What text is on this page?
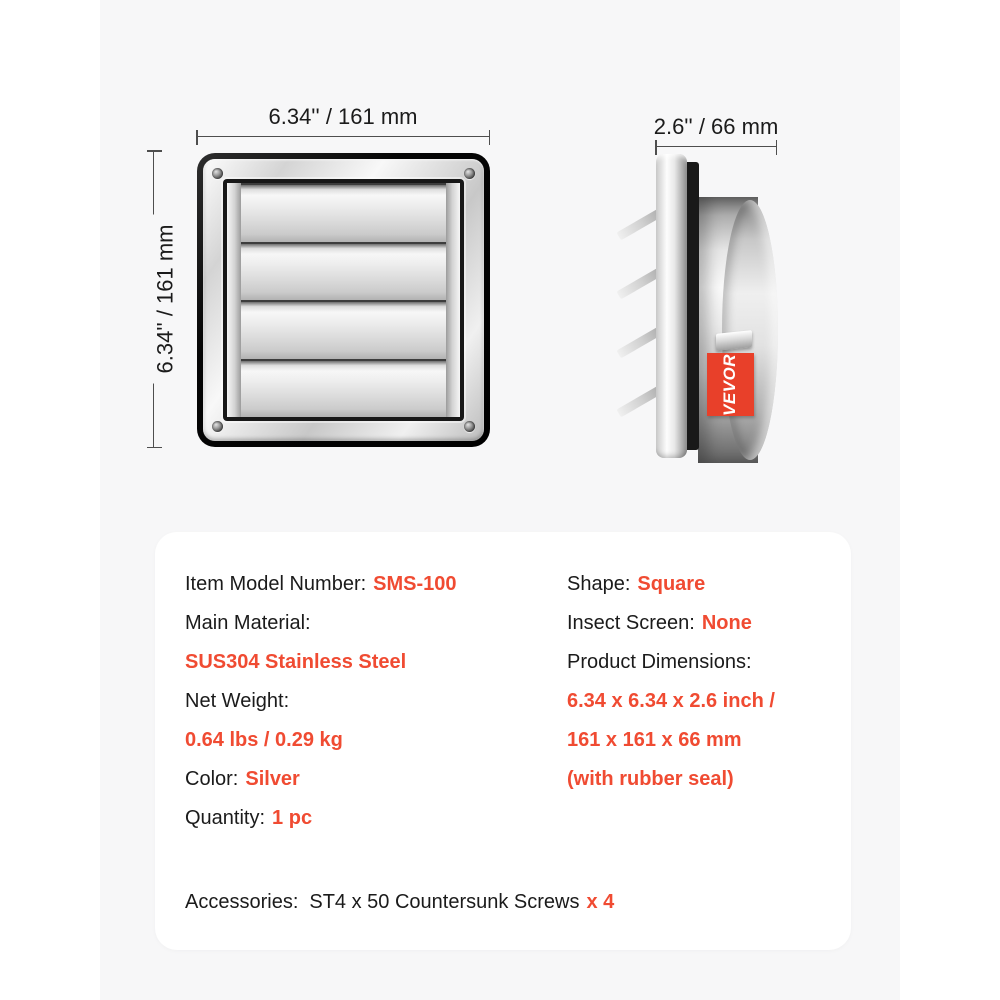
6.34'' / 161 mm
6.34'' / 161 mm
2.6'' / 66 mm
VEVOR
Item Model Number: SMS-100
Main Material:
SUS304 Stainless Steel
Net Weight:
0.64 lbs / 0.29 kg
Color: Silver
Quantity: 1 pc
Shape: Square
Insect Screen: None
Product Dimensions:
6.34 x 6.34 x 2.6 inch /
161 x 161 x 66 mm
(with rubber seal)
Accessories: ST4 x 50 Countersunk Screws x 4
